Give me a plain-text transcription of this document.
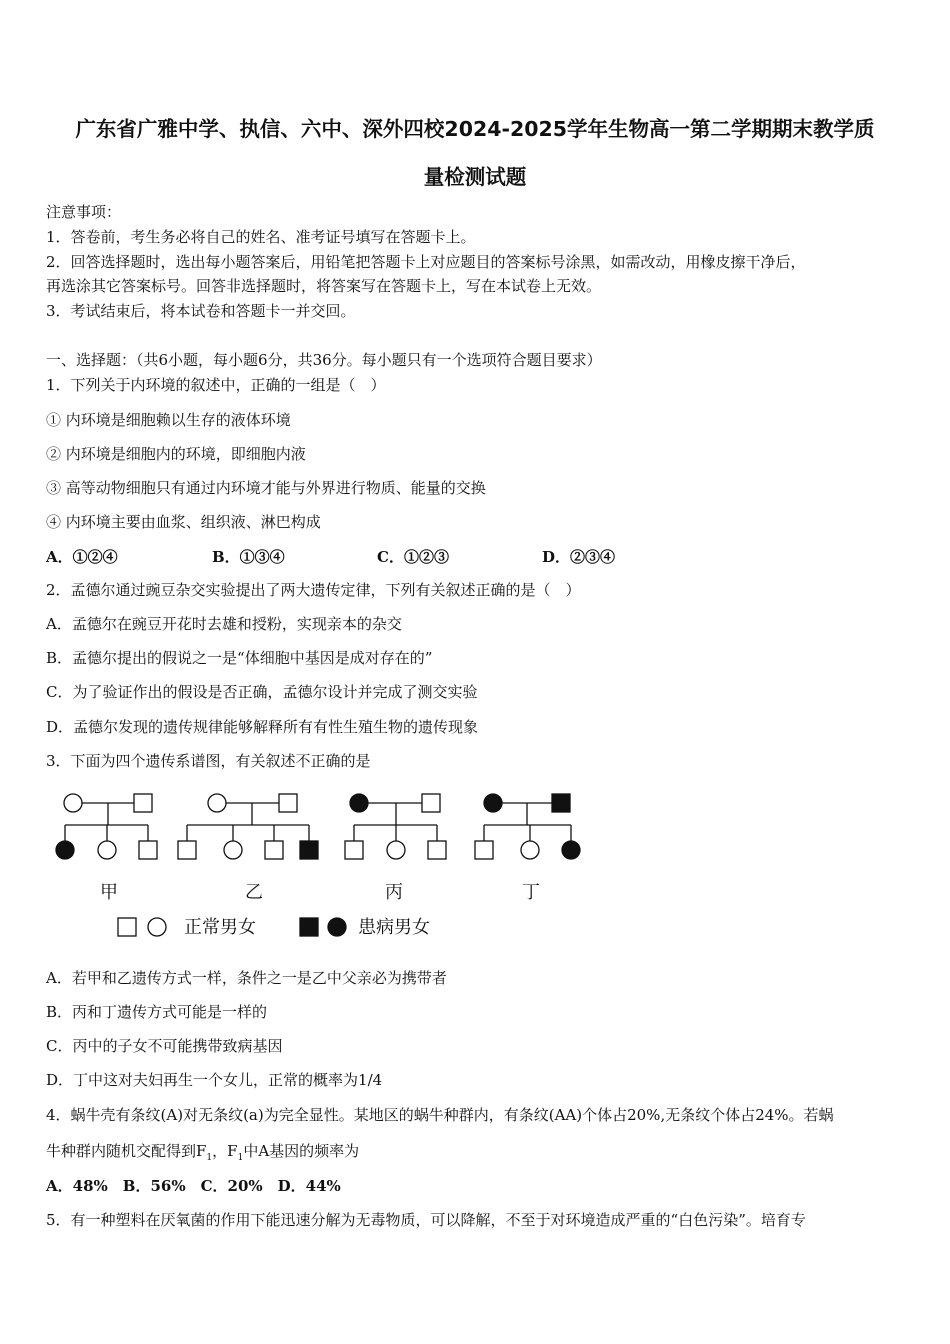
广东省广雅中学、执信、六中、深外四校2024-2025学年生物高一第二学期期末教学质
量检测试题
注意事项：
1．答卷前，考生务必将自己的姓名、准考证号填写在答题卡上。
2．回答选择题时，选出每小题答案后，用铅笔把答题卡上对应题目的答案标号涂黑，如需改动，用橡皮擦干净后，
再选涂其它答案标号。回答非选择题时，将答案写在答题卡上，写在本试卷上无效。
3．考试结束后，将本试卷和答题卡一并交回。
一、选择题：（共6小题，每小题6分，共36分。每小题只有一个选项符合题目要求）
1．下列关于内环境的叙述中，正确的一组是（　）
① 内环境是细胞赖以生存的液体环境
② 内环境是细胞内的环境，即细胞内液
③ 高等动物细胞只有通过内环境才能与外界进行物质、能量的交换
④ 内环境主要由血浆、组织液、淋巴构成
A．①②④	B．①③④	C．①②③	D．②③④
2．孟德尔通过豌豆杂交实验提出了两大遗传定律，下列有关叙述正确的是（　）
A．孟德尔在豌豆开花时去雄和授粉，实现亲本的杂交
B．孟德尔提出的假说之一是“体细胞中基因是成对存在的”
C．为了验证作出的假设是否正确，孟德尔设计并完成了测交实验
D．孟德尔发现的遗传规律能够解释所有有性生殖生物的遗传现象
3．下面为四个遗传系谱图，有关叙述不正确的是
甲	乙	丙	丁
正常男女	患病男女
A．若甲和乙遗传方式一样，条件之一是乙中父亲必为携带者
B．丙和丁遗传方式可能是一样的
C．丙中的子女不可能携带致病基因
D．丁中这对夫妇再生一个女儿，正常的概率为1/4
4．蜗牛壳有条纹(A)对无条纹(a)为完全显性。某地区的蜗牛种群内，有条纹(AA)个体占20%,无条纹个体占24%。若蜗
牛种群内随机交配得到$F_1$，$F_1$中A基因的频率为
A．48%　B．56%　C．20%　D．44%
5．有一种塑料在厌氧菌的作用下能迅速分解为无毒物质，可以降解，不至于对环境造成严重的“白色污染”。培育专
